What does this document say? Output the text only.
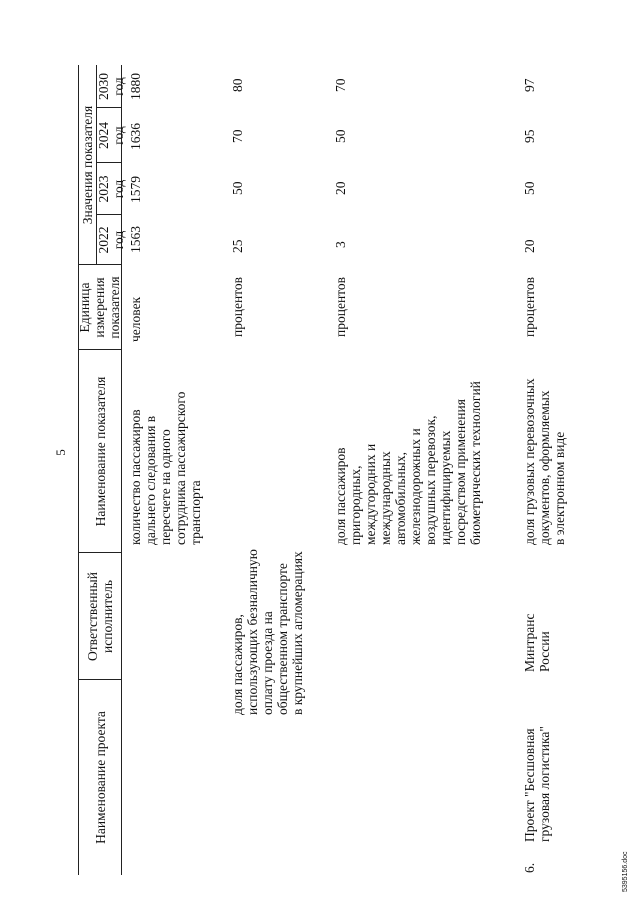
5
Наименование проекта
Ответственный исполнитель
Наименование показателя
Единица измерения показателя
Значения показателя
2022 год
2023 год
2024 год
2030 год
количество пассажиров дальнего следования в пересчете на одного сотрудника пассажирского транспорта
человек
1563
1579
1636
1880
доля пассажиров, использующих безналичную оплату проезда на общественном транспорте в крупнейших агломерациях
процентов
25
50
70
80
доля пассажиров пригородных, междугородних и международных автомобильных, железнодорожных и воздушных перевозок, идентифицируемых посредством применения биометрических технологий
процентов
3
20
50
70
6.
Проект "Бесшовная грузовая логистика"
Минтранс России
доля грузовых перевозочных документов, оформляемых в электронном виде
процентов
20
50
95
97
5395156.doc
